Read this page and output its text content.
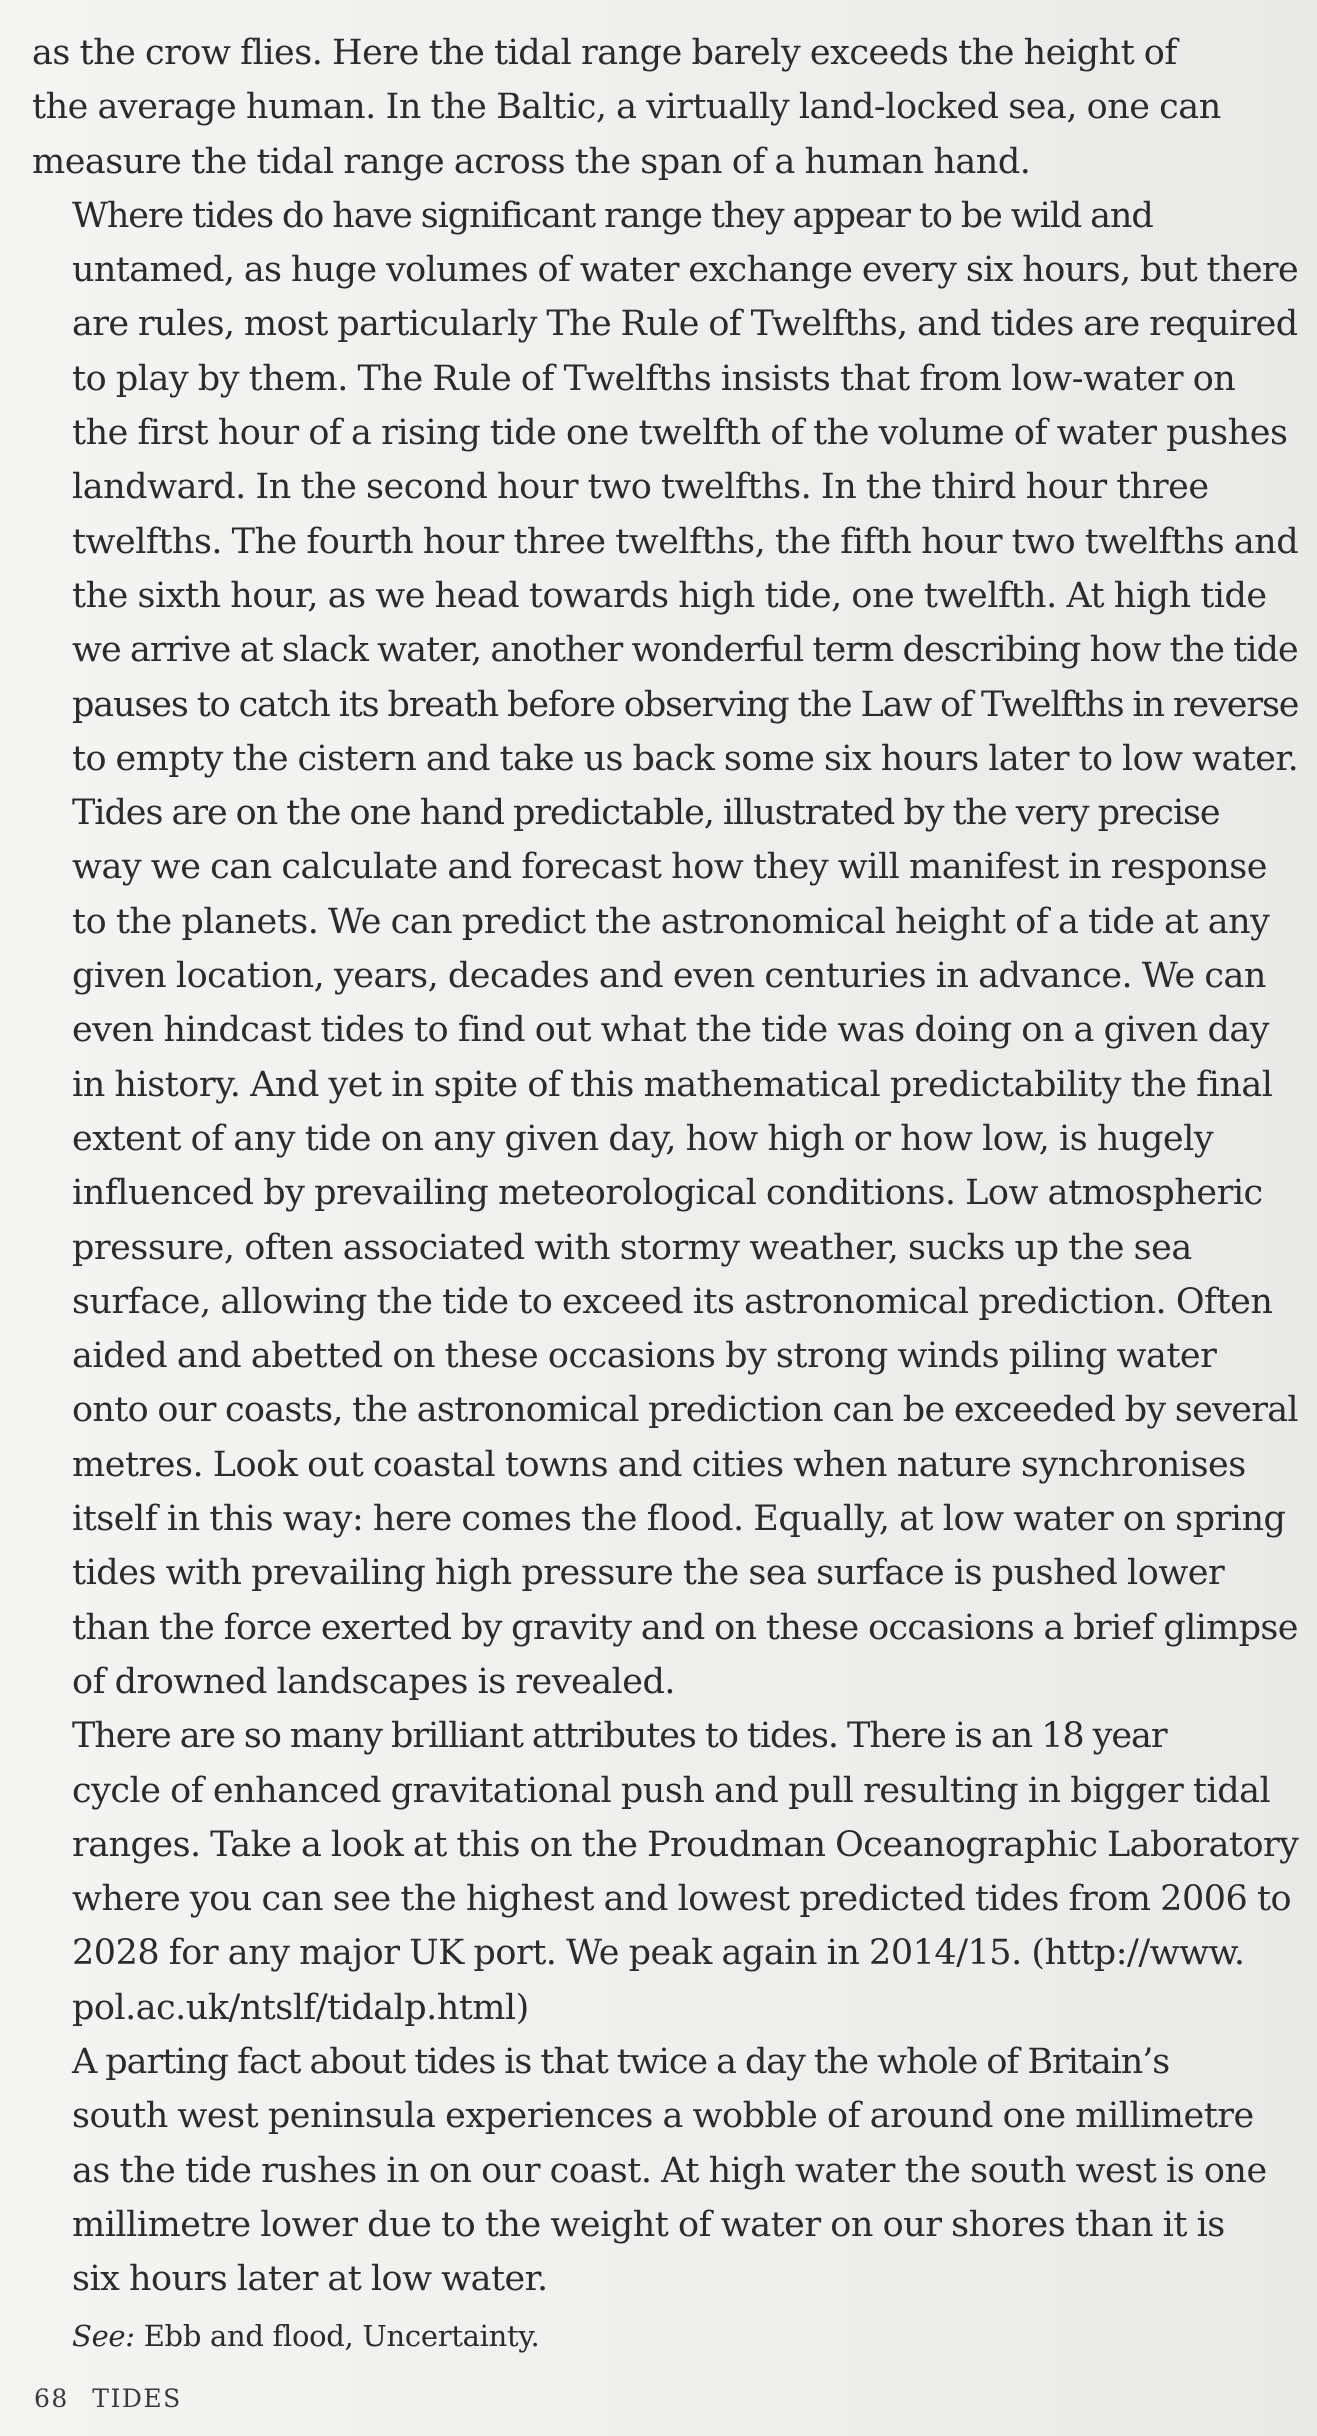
as the crow flies. Here the tidal range barely exceeds the height of
the average human. In the Baltic, a virtually land-locked sea, one can
measure the tidal range across the span of a human hand.

Where tides do have significant range they appear to be wild and
untamed, as huge volumes of water exchange every six hours, but there
are rules, most particularly The Rule of Twelfths, and tides are required
to play by them. The Rule of Twelfths insists that from low-water on
the first hour of a rising tide one twelfth of the volume of water pushes
landward. In the second hour two twelfths. In the third hour three
twelfths. The fourth hour three twelfths, the fifth hour two twelfths and
the sixth hour, as we head towards high tide, one twelfth. At high tide
we arrive at slack water, another wonderful term describing how the tide
pauses to catch its breath before observing the Law of Twelfths in reverse
to empty the cistern and take us back some six hours later to low water.

Tides are on the one hand predictable, illustrated by the very precise
way we can calculate and forecast how they will manifest in response
to the planets. We can predict the astronomical height of a tide at any
given location, years, decades and even centuries in advance. We can
even hindcast tides to find out what the tide was doing on a given day
in history. And yet in spite of this mathematical predictability the final
extent of any tide on any given day, how high or how low, is hugely
influenced by prevailing meteorological conditions. Low atmospheric
pressure, often associated with stormy weather, sucks up the sea
surface, allowing the tide to exceed its astronomical prediction. Often
aided and abetted on these occasions by strong winds piling water
onto our coasts, the astronomical prediction can be exceeded by several
metres. Look out coastal towns and cities when nature synchronises
itself in this way: here comes the flood. Equally, at low water on spring
tides with prevailing high pressure the sea surface is pushed lower
than the force exerted by gravity and on these occasions a brief glimpse
of drowned landscapes is revealed.

There are so many brilliant attributes to tides. There is an 18 year
cycle of enhanced gravitational push and pull resulting in bigger tidal
ranges. Take a look at this on the Proudman Oceanographic Laboratory
where you can see the highest and lowest predicted tides from 2006 to
2028 for any major UK port. We peak again in 2014/15. (http://www.
pol.ac.uk/ntslf/tidalp.html)

A parting fact about tides is that twice a day the whole of Britain’s
south west peninsula experiences a wobble of around one millimetre
as the tide rushes in on our coast. At high water the south west is one
millimetre lower due to the weight of water on our shores than it is
six hours later at low water.

See: Ebb and flood, Uncertainty.

68 TIDES
